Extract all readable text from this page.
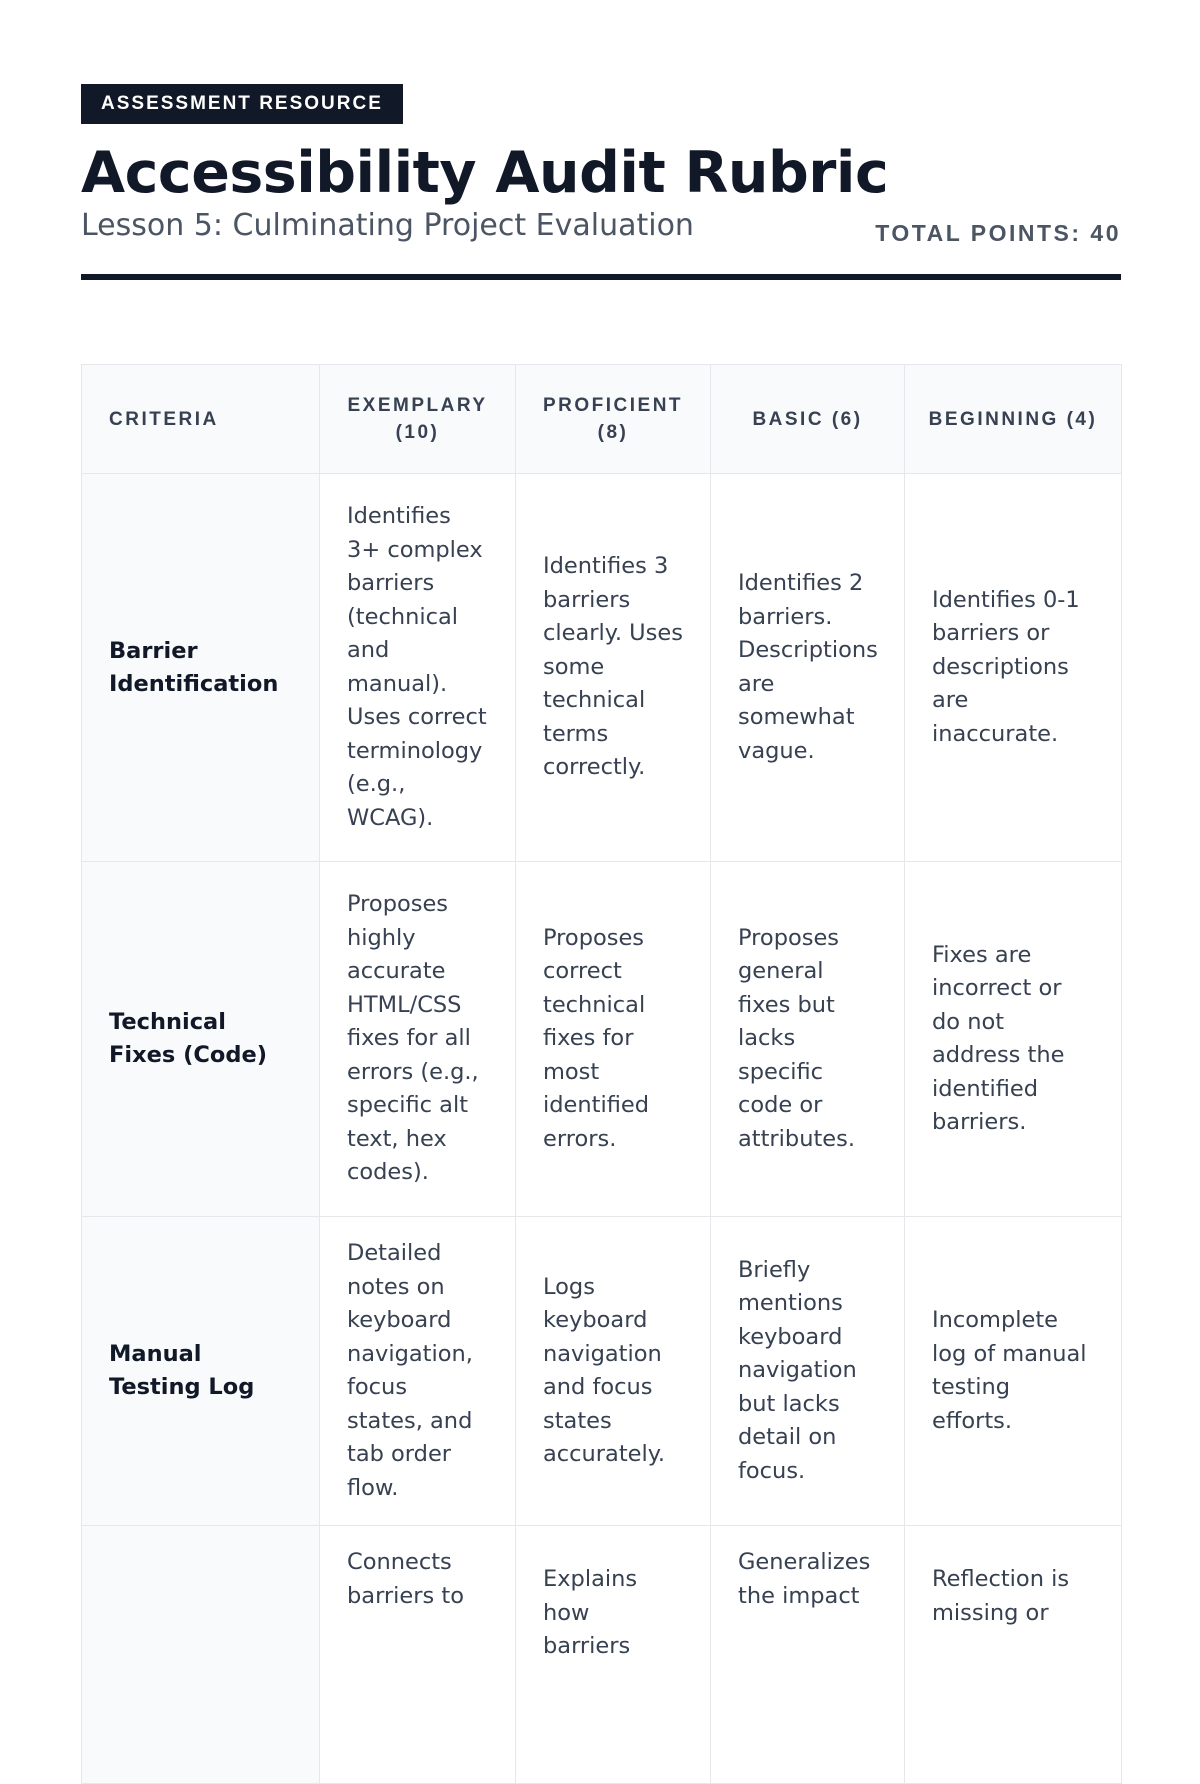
ASSESSMENT RESOURCE
Accessibility Audit Rubric
Lesson 5: Culminating Project Evaluation	TOTAL POINTS: 40
CRITERIA	EXEMPLARY (10)	PROFICIENT (8)	BASIC (6)	BEGINNING (4)
Barrier Identification	Identifies 3+ complex barriers (technical and manual). Uses correct terminology (e.g., WCAG).	Identifies 3 barriers clearly. Uses some technical terms correctly.	Identifies 2 barriers. Descriptions are somewhat vague.	Identifies 0-1 barriers or descriptions are inaccurate.
Technical Fixes (Code)	Proposes highly accurate HTML/CSS fixes for all errors (e.g., specific alt text, hex codes).	Proposes correct technical fixes for most identified errors.	Proposes general fixes but lacks specific code or attributes.	Fixes are incorrect or do not address the identified barriers.
Manual Testing Log	Detailed notes on keyboard navigation, focus states, and tab order flow.	Logs keyboard navigation and focus states accurately.	Briefly mentions keyboard navigation but lacks detail on focus.	Incomplete log of manual testing efforts.
	Connects barriers to	Explains how barriers	Generalizes the impact	Reflection is missing or
